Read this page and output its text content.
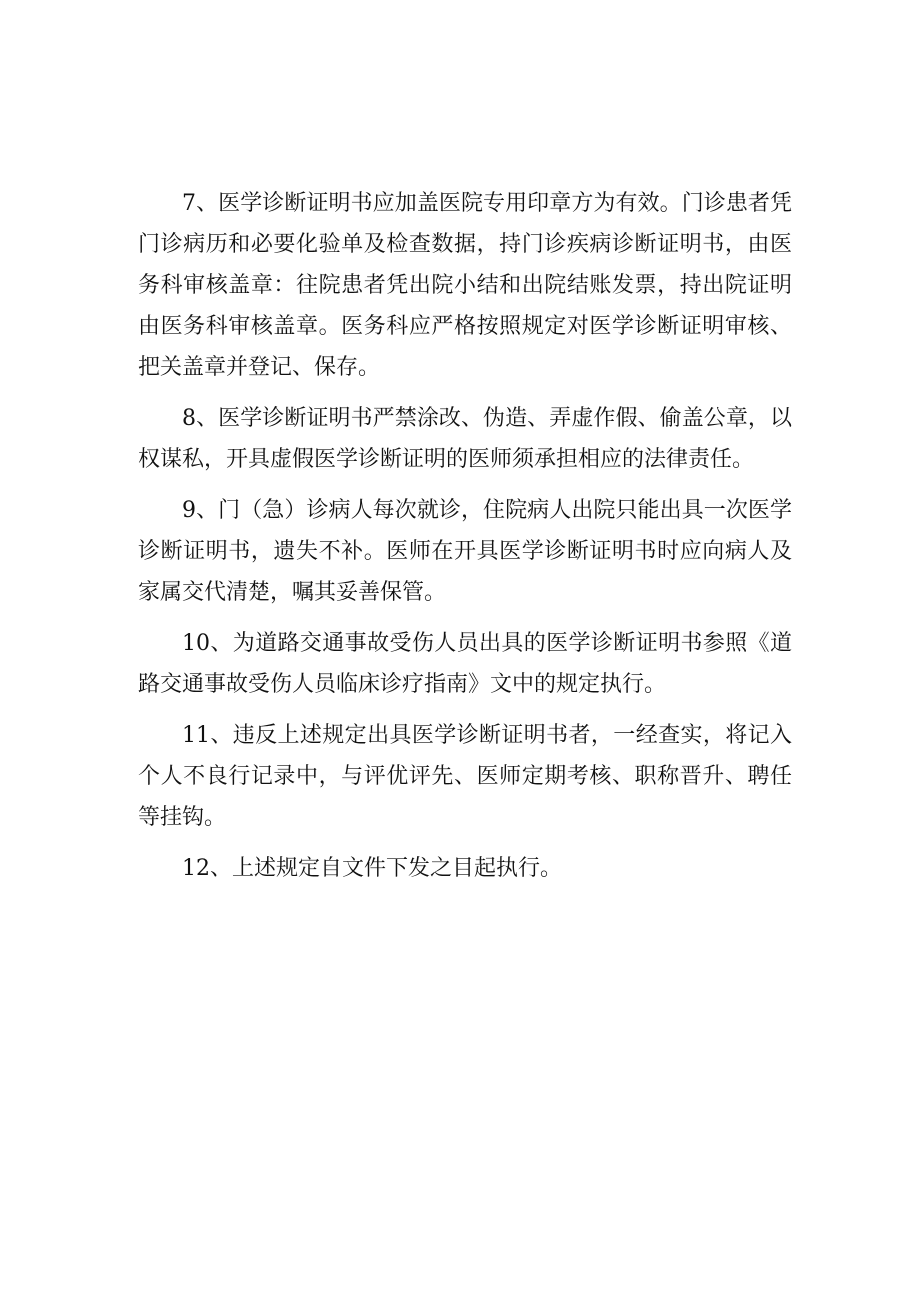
7、医学诊断证明书应加盖医院专用印章方为有效。门诊患者凭门诊病历和必要化验单及检查数据，持门诊疾病诊断证明书，由医务科审核盖章：往院患者凭出院小结和出院结账发票，持出院证明由医务科审核盖章。医务科应严格按照规定对医学诊断证明审核、把关盖章并登记、保存。

8、医学诊断证明书严禁涂改、伪造、弄虚作假、偷盖公章，以权谋私，开具虚假医学诊断证明的医师须承担相应的法律责任。

9、门（急）诊病人每次就诊，住院病人出院只能出具一次医学诊断证明书，遗失不补。医师在开具医学诊断证明书时应向病人及家属交代清楚，嘱其妥善保管。

10、为道路交通事故受伤人员出具的医学诊断证明书参照《道路交通事故受伤人员临床诊疗指南》文中的规定执行。

11、违反上述规定出具医学诊断证明书者，一经查实，将记入个人不良行记录中，与评优评先、医师定期考核、职称晋升、聘任等挂钩。

12、上述规定自文件下发之目起执行。
